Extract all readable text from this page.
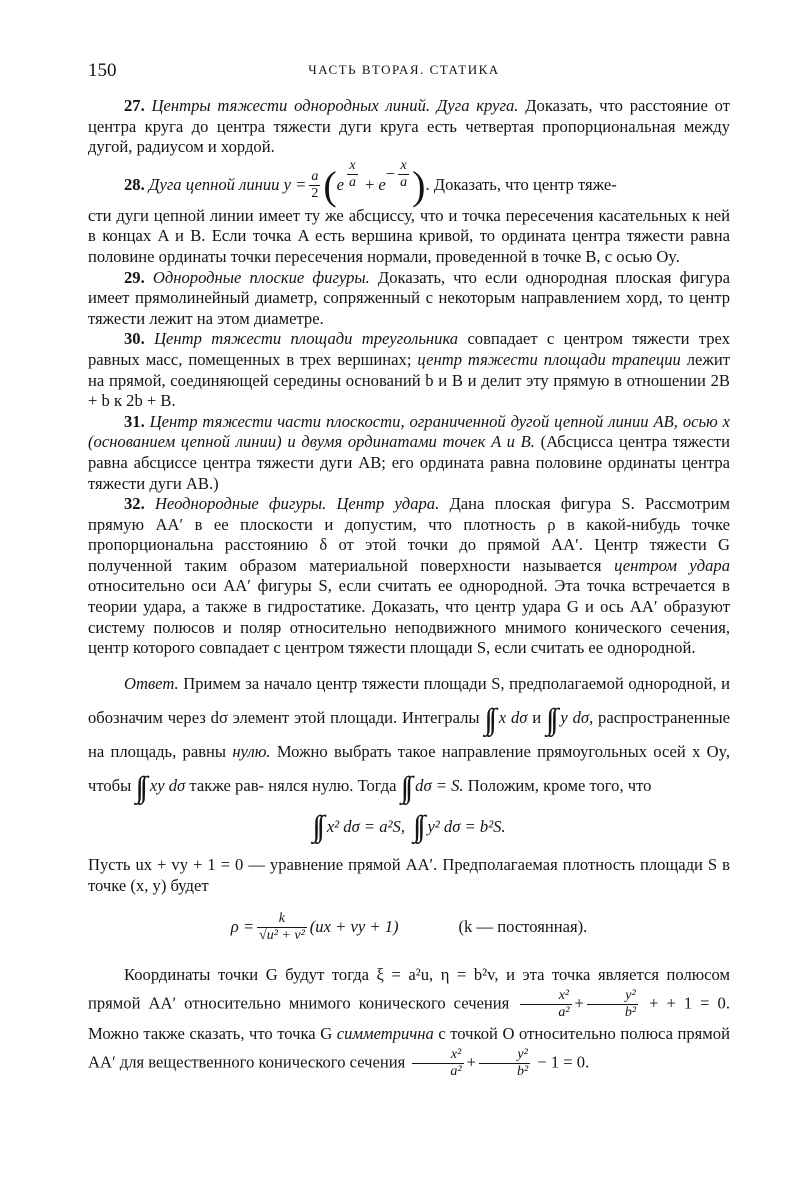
150	ЧАСТЬ ВТОРАЯ. СТАТИКА

27. Центры тяжести однородных линий. Дуга круга. Доказать, что расстояние от центра круга до центра тяжести дуги круга есть четвертая пропорциональная между дугой, радиусом и хордой.

28. Дуга цепной линии $y = \frac{a}{2}$ ( e $\frac{x}{a} + e$
− $\frac{x}{a}$ ) . Доказать, что центр тяже-

сти дуги цепной линии имеет ту же абсциссу, что и точка пересечения касательных к ней в концах A и B. Если точка A есть вершина кривой, то ордината центра тяжести равна половине ординаты точки пересечения нормали, проведенной в точке B, с осью Oy.

29. Однородные плоские фигуры. Доказать, что если однородная плоская фигура имеет прямолинейный диаметр, сопряженный с некоторым направлением хорд, то центр тяжести лежит на этом диаметре.

30. Центр тяжести площади треугольника совпадает с центром тяжести трех равных масс, помещенных в трех вершинах; центр тяжести площади трапеции лежит на прямой, соединяющей середины оснований b и B и делит эту прямую в отношении 2B + b к 2b + B.

31. Центр тяжести части плоскости, ограниченной дугой цепной линии AB, осью x (основанием цепной линии) и двумя ординатами точек A и B. (Абсцисса центра тяжести равна абсциссе центра тяжести дуги AB; его ордината равна половине ординаты центра тяжести дуги AB.)

32. Неоднородные фигуры. Центр удара. Дана плоская фигура S. Рассмотрим прямую AA′ в ее плоскости и допустим, что плотность ρ в какой-нибудь точке пропорциональна расстоянию δ от этой точки до прямой AA′. Центр тяжести G полученной таким образом материальной поверхности называется центром удара относительно оси AA′ фигуры S, если считать ее однородной. Эта точка встречается в теории удара, а также в гидростатике. Доказать, что центр удара G и ось AA′ образуют систему полюсов и поляр относительно неподвижного мнимого конического сечения, центр которого совпадает с центром тяжести площади S, если считать ее однородной.

Ответ. Примем за начало центр тяжести площади S, предполагаемой однородной, и обозначим через dσ элемент этой площади. Интегралы ∫∫ x dσ и ∫∫ y dσ, распространенные на площадь, равны нулю. Можно выбрать такое направление прямоугольных осей x Oy, чтобы ∫∫ xy dσ также рав- нялся нулю. Тогда ∫∫ dσ = S. Положим, кроме того, что

∫∫ x² dσ = a²S, ∫∫ y² dσ = b²S.

Пусть ux + vy + 1 = 0 — уравнение прямой AA′. Предполагаемая плотность площади S в точке (x, y) будет

$\rho = \frac{k}{\text{√u² + v²}} (ux$ + vy + 1)	(k — постоянная).

Координаты точки G будут тогда ξ = a²u, η = b²v, и эта точка является полюсом прямой AA′ относительно мнимого конического сечения $\frac{\text{x²}}{\text{a²}} + \frac{\text{y²}}{\text{b²}}$ + + 1 = 0. Можно также сказать, что точка G симметрична с точкой O относительно полюса прямой AA′ для вещественного конического сечения $\frac{\text{x²}}{\text{a²}} + \frac{\text{y²}}{\text{b²}} - 1 = 0$.
